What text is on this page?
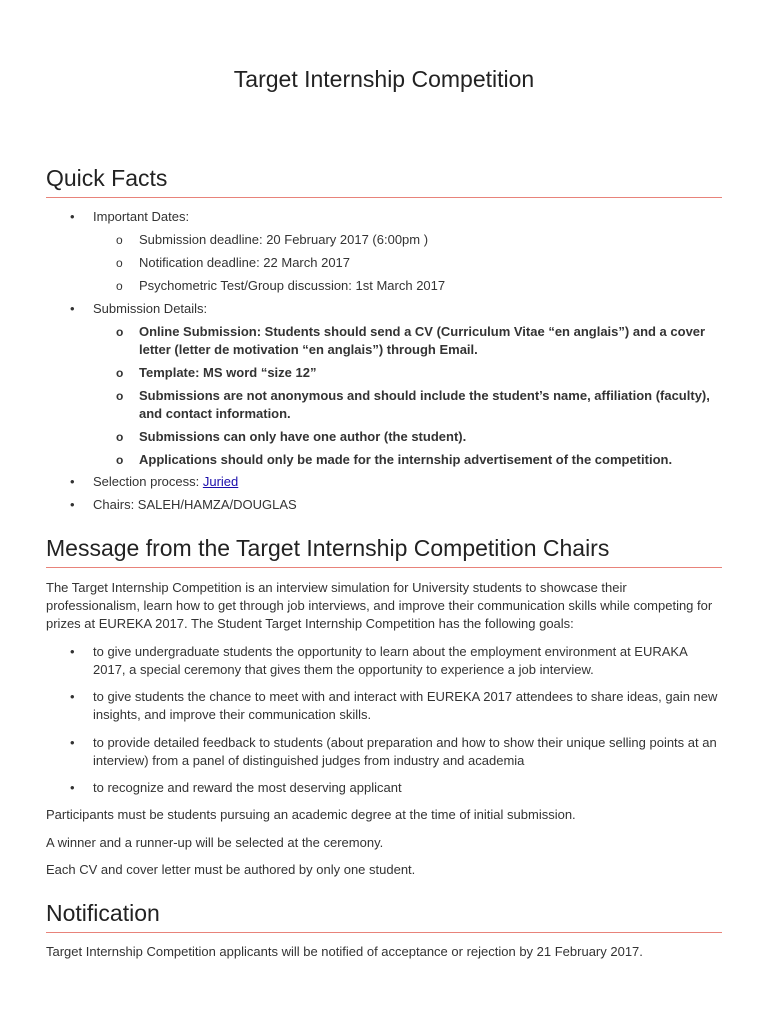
Target Internship Competition
Quick Facts
• Important Dates:
o Submission deadline: 20 February 2017 (6:00pm )
o Notification deadline: 22 March 2017
o Psychometric Test/Group discussion: 1st March 2017
• Submission Details:
o Online Submission: Students should send a CV (Curriculum Vitae “en anglais”) and a cover letter (letter de motivation “en anglais”) through Email.
o Template: MS word “size 12”
o Submissions are not anonymous and should include the student’s name, affiliation (faculty), and contact information.
o Submissions can only have one author (the student).
o Applications should only be made for the internship advertisement of the competition.
• Selection process: Juried
• Chairs: SALEH/HAMZA/DOUGLAS
Message from the Target Internship Competition Chairs
The Target Internship Competition is an interview simulation for University students to showcase their professionalism, learn how to get through job interviews, and improve their communication skills while competing for prizes at EUREKA 2017. The Student Target Internship Competition has the following goals:
• to give undergraduate students the opportunity to learn about the employment environment at EURAKA 2017, a special ceremony that gives them the opportunity to experience a job interview.
• to give students the chance to meet with and interact with EUREKA 2017 attendees to share ideas, gain new insights, and improve their communication skills.
• to provide detailed feedback to students (about preparation and how to show their unique selling points at an interview) from a panel of distinguished judges from industry and academia
• to recognize and reward the most deserving applicant
Participants must be students pursuing an academic degree at the time of initial submission.
A winner and a runner-up will be selected at the ceremony.
Each CV and cover letter must be authored by only one student.
Notification
Target Internship Competition applicants will be notified of acceptance or rejection by 21 February 2017.
